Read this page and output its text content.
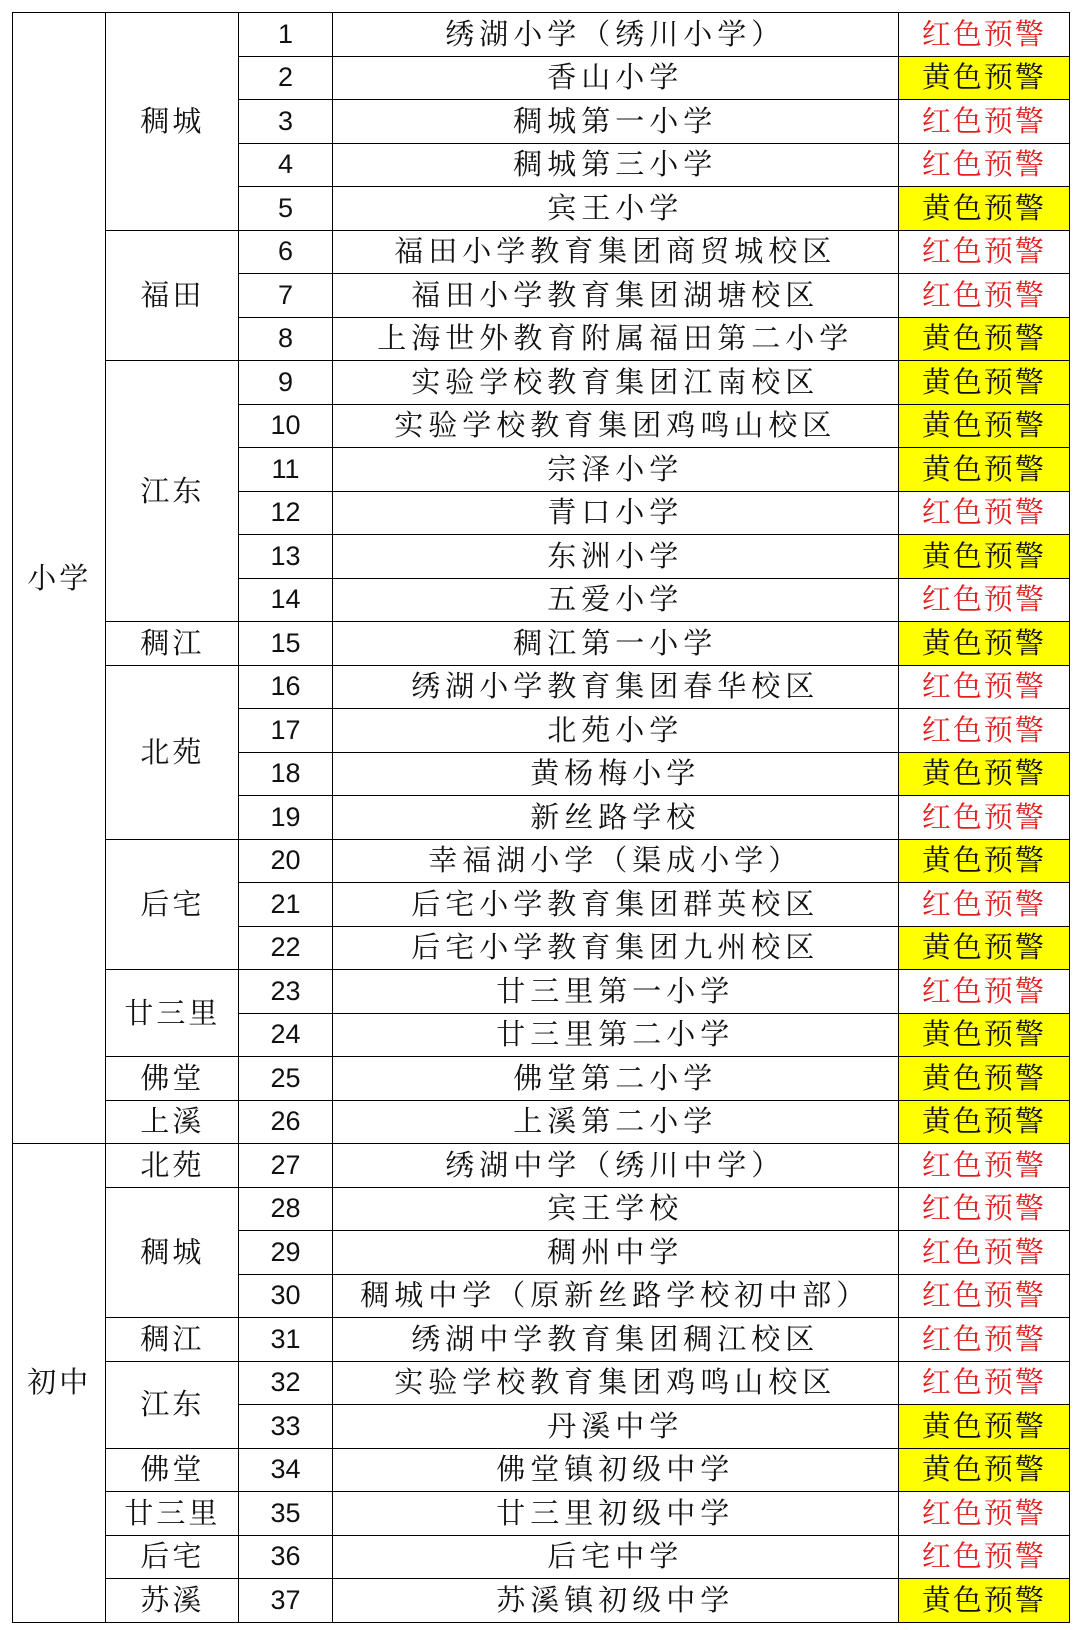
小学	稠城	1	绣湖小学（绣川小学）	红色预警
		2	香山小学	黄色预警
		3	稠城第一小学	红色预警
		4	稠城第三小学	红色预警
		5	宾王小学	黄色预警
	福田	6	福田小学教育集团商贸城校区	红色预警
		7	福田小学教育集团湖塘校区	红色预警
		8	上海世外教育附属福田第二小学	黄色预警
	江东	9	实验学校教育集团江南校区	黄色预警
		10	实验学校教育集团鸡鸣山校区	黄色预警
		11	宗泽小学	黄色预警
		12	青口小学	红色预警
		13	东洲小学	黄色预警
		14	五爱小学	红色预警
	稠江	15	稠江第一小学	黄色预警
	北苑	16	绣湖小学教育集团春华校区	红色预警
		17	北苑小学	红色预警
		18	黄杨梅小学	黄色预警
		19	新丝路学校	红色预警
	后宅	20	幸福湖小学（渠成小学）	黄色预警
		21	后宅小学教育集团群英校区	红色预警
		22	后宅小学教育集团九州校区	黄色预警
	廿三里	23	廿三里第一小学	红色预警
		24	廿三里第二小学	黄色预警
	佛堂	25	佛堂第二小学	黄色预警
	上溪	26	上溪第二小学	黄色预警
初中	北苑	27	绣湖中学（绣川中学）	红色预警
	稠城	28	宾王学校	红色预警
		29	稠州中学	红色预警
		30	稠城中学（原新丝路学校初中部）	红色预警
	稠江	31	绣湖中学教育集团稠江校区	红色预警
	江东	32	实验学校教育集团鸡鸣山校区	红色预警
		33	丹溪中学	黄色预警
	佛堂	34	佛堂镇初级中学	黄色预警
	廿三里	35	廿三里初级中学	红色预警
	后宅	36	后宅中学	红色预警
	苏溪	37	苏溪镇初级中学	黄色预警
